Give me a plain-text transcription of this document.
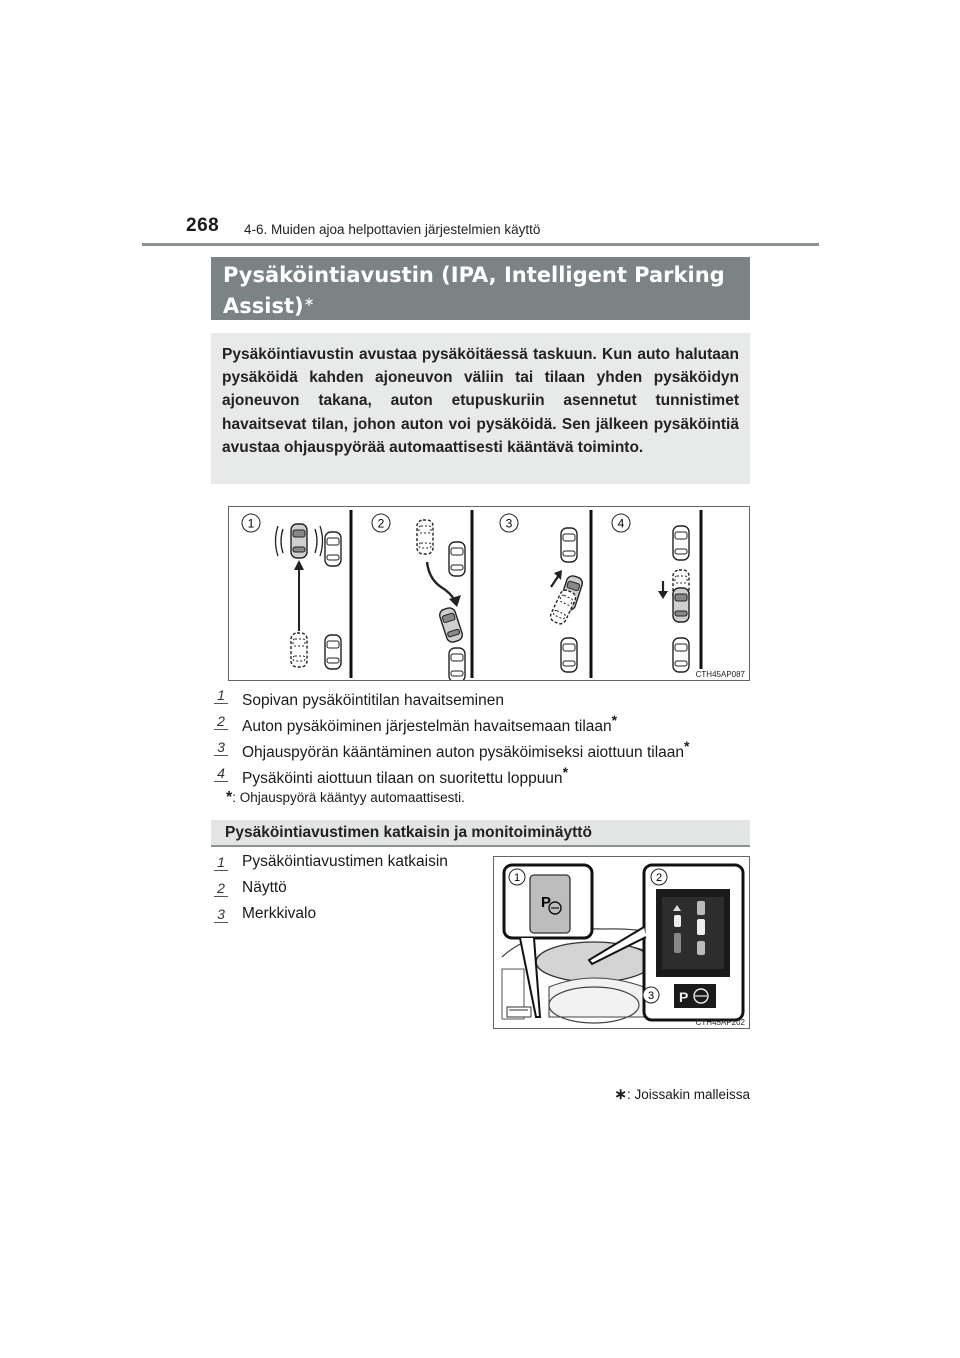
268 4-6. Muiden ajoa helpottavien järjestelmien käyttö
Pysäköintiavustin (IPA, Intelligent Parking Assist)∗
Pysäköintiavustin avustaa pysäköitäessä taskuun. Kun auto halutaan pysäköidä kahden ajoneuvon väliin tai tilaan yhden pysäköidyn ajoneuvon takana, auton etupuskuriin asennetut tunnistimet havaitsevat tilan, johon auton voi pysäköidä. Sen jälkeen pysäköintiä avustaa ohjauspyörää automaattisesti kääntävä toiminto.
1	2	3	4
CTH45AP087
1 Sopivan pysäköintitilan havaitseminen
2 Auton pysäköiminen järjestelmän havaitsemaan tilaan*
3 Ohjauspyörän kääntäminen auton pysäköimiseksi aiottuun tilaan*
4 Pysäköinti aiottuun tilaan on suoritettu loppuun*
*: Ohjauspyörä kääntyy automaattisesti.
Pysäköintiavustimen katkaisin ja monitoiminäyttö
1 Pysäköintiavustimen katkaisin
2 Näyttö
3 Merkkivalo
1
P
2
3 P
CTH45AP202
∗: Joissakin malleissa
